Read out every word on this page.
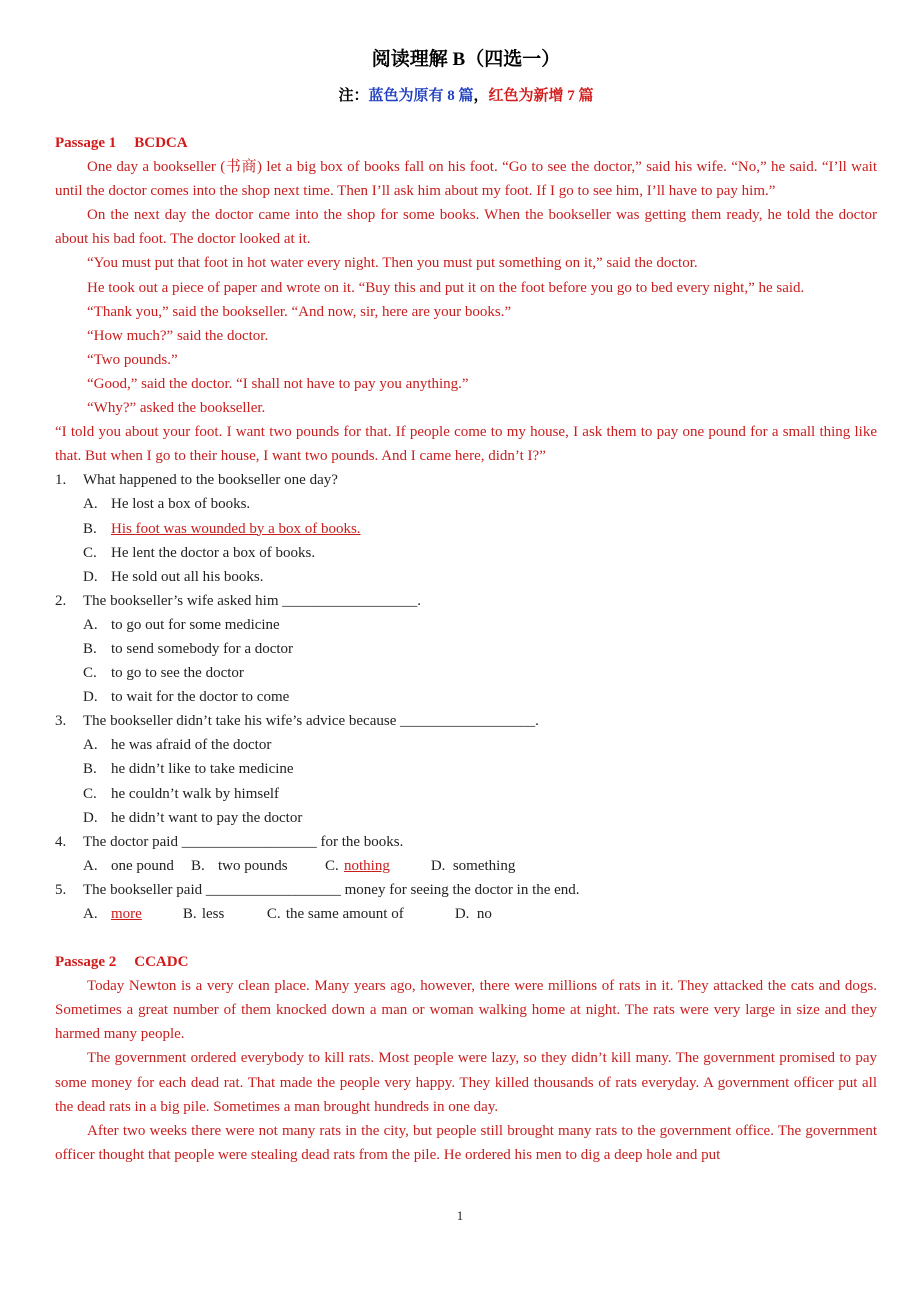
阅读理解 B（四选一）
注：蓝色为原有 8 篇，红色为新增 7 篇

Passage 1 BCDCA

One day a bookseller (书商) let a big box of books fall on his foot. “Go to see the doctor,” said his wife. “No,” he said. “I’ll wait until the doctor comes into the shop next time. Then I’ll ask him about my foot. If I go to see him, I’ll have to pay him.”

On the next day the doctor came into the shop for some books. When the bookseller was getting them ready, he told the doctor about his bad foot. The doctor looked at it.

“You must put that foot in hot water every night. Then you must put something on it,” said the doctor.

He took out a piece of paper and wrote on it. “Buy this and put it on the foot before you go to bed every night,” he said.

“Thank you,” said the bookseller. “And now, sir, here are your books.”

“How much?” said the doctor.

“Two pounds.”

“Good,” said the doctor. “I shall not have to pay you anything.”

“Why?” asked the bookseller.

“I told you about your foot. I want two pounds for that. If people come to my house, I ask them to pay one pound for a small thing like that. But when I go to their house, I want two pounds. And I came here, didn’t I?”

1.	What happened to the bookseller one day?

A. He lost a box of books.

B. His foot was wounded by a box of books.

C. He lent the doctor a box of books.

D. He sold out all his books.

2.	The bookseller’s wife asked him __________________.

A. to go out for some medicine

B. to send somebody for a doctor

C. to go to see the doctor

D. to wait for the doctor to come

3.	The bookseller didn’t take his wife’s advice because __________________.

A. he was afraid of the doctor

B. he didn’t like to take medicine

C. he couldn’t walk by himself

D. he didn’t want to pay the doctor

4.	The doctor paid __________________ for the books.

A. one pound B. two pounds C. nothing	D. something

5.	The bookseller paid __________________ money for seeing the doctor in the end.

A. more	B. less	C. the same amount of	D. no

Passage 2 CCADC

Today Newton is a very clean place. Many years ago, however, there were millions of rats in it. They attacked the cats and dogs. Sometimes a great number of them knocked down a man or woman walking home at night. The rats were very large in size and they harmed many people.

The government ordered everybody to kill rats. Most people were lazy, so they didn’t kill many. The government promised to pay some money for each dead rat. That made the people very happy. They killed thousands of rats everyday. A government officer put all the dead rats in a big pile. Sometimes a man brought hundreds in one day.

After two weeks there were not many rats in the city, but people still brought many rats to the government office. The government officer thought that people were stealing dead rats from the pile. He ordered his men to dig a deep hole and put

1
